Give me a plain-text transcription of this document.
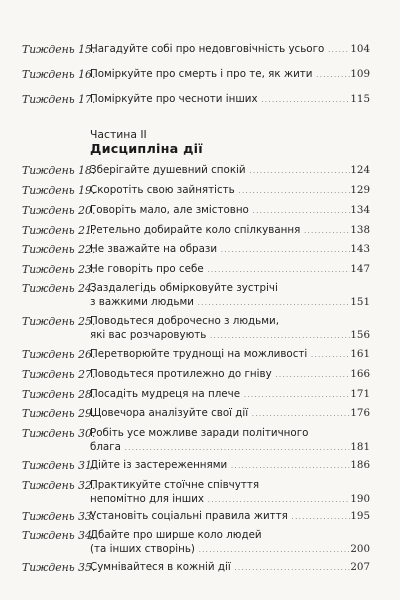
Тиждень 15.
Нагадуйте собі про недовговічність усього .....	104
Тиждень 16.
Поміркуйте про смерть і про те, як жити .....	109
Тиждень 17.
Поміркуйте про чесноти інших .....	115
Частина ІІ
Дисципліна дії
Тиждень 18.
Зберігайте душевний спокій .....	124
Тиждень 19.
Скоротіть свою зайнятість .....	129
Тиждень 20.
Говоріть мало, але змістовно .....	134
Тиждень 21.
Ретельно добирайте коло спілкування .....	138
Тиждень 22.
Не зважайте на образи .....	143
Тиждень 23.
Не говоріть про себе .....	147
Тиждень 24.
Заздалегідь обмірковуйте зустрічі
з важкими людьми .....	151
Тиждень 25.
Поводьтеся доброчесно з людьми,
які вас розчаровують .....	156
Тиждень 26.
Перетворюйте труднощі на можливості .....	161
Тиждень 27.
Поводьтеся протилежно до гніву .....	166
Тиждень 28.
Посадіть мудреця на плече .....	171
Тиждень 29.
Щовечора аналізуйте свої дії .....	176
Тиждень 30.
Робіть усе можливе заради політичного
блага .....	181
Тиждень 31.
Дійте із застереженнями .....	186
Тиждень 32.
Практикуйте стоїчне співчуття
непомітно для інших .....	190
Тиждень 33.
Установіть соціальні правила життя .....	195
Тиждень 34.
Дбайте про ширше коло людей
(та інших створінь) .....	200
Тиждень 35.
Сумнівайтеся в кожній дії .....	207
